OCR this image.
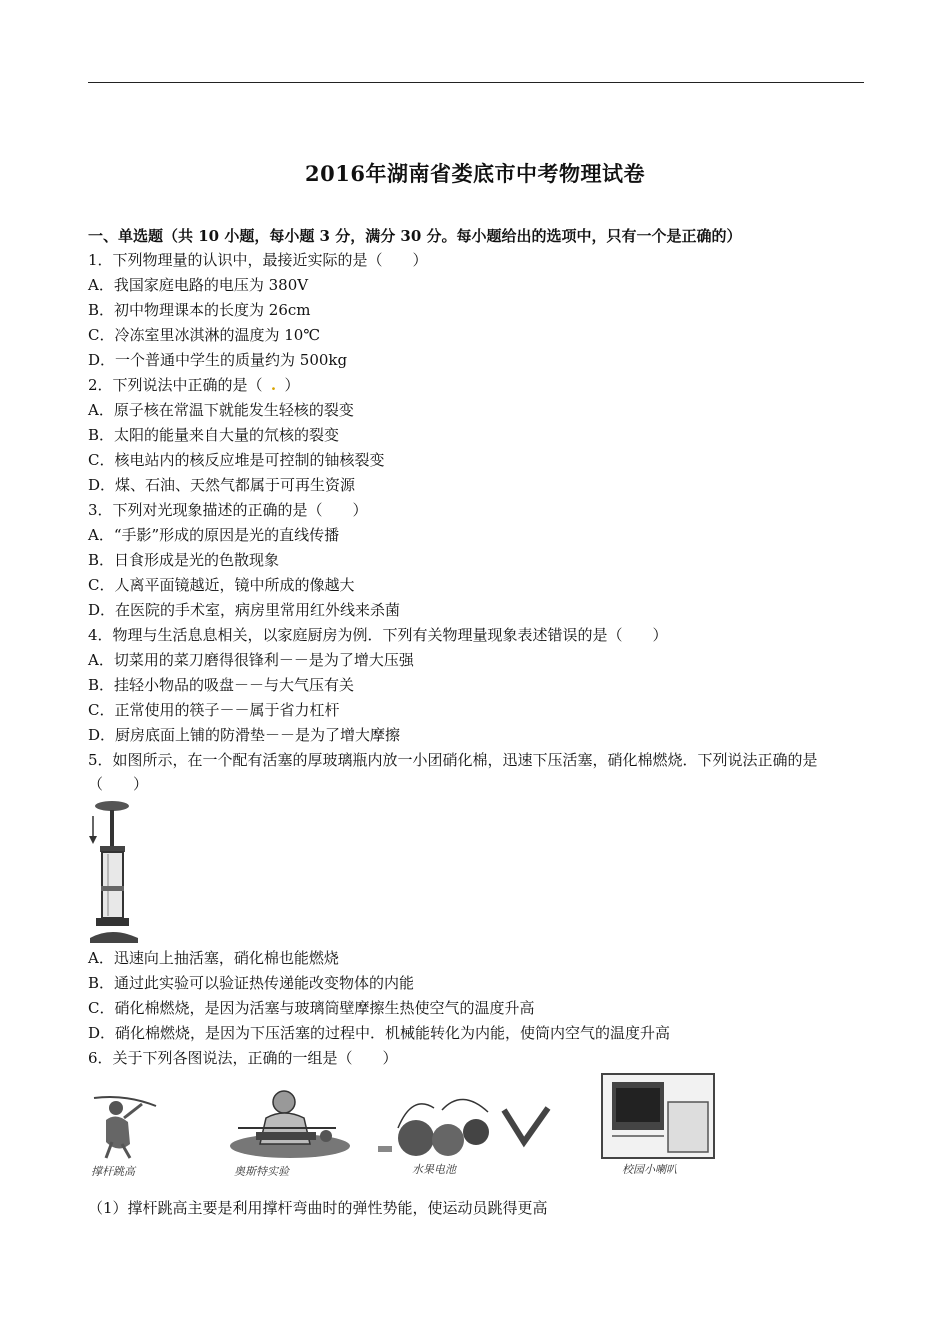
2016年湖南省娄底市中考物理试卷
一、单选题（共 10 小题，每小题 3 分，满分 30 分。每小题给出的选项中，只有一个是正确的）
1．下列物理量的认识中，最接近实际的是（　　）
A．我国家庭电路的电压为 380V
B．初中物理课本的长度为 26cm
C．冷冻室里冰淇淋的温度为 10℃
D．一个普通中学生的质量约为 500kg
2．下列说法中正确的是（ . ）
A．原子核在常温下就能发生轻核的裂变
B．太阳的能量来自大量的氘核的裂变
C．核电站内的核反应堆是可控制的铀核裂变
D．煤、石油、天然气都属于可再生资源
3．下列对光现象描述的正确的是（　　）
A．“手影”形成的原因是光的直线传播
B．日食形成是光的色散现象
C．人离平面镜越近，镜中所成的像越大
D．在医院的手术室，病房里常用红外线来杀菌
4．物理与生活息息相关，以家庭厨房为例．下列有关物理量现象表述错误的是（　　）
A．切菜用的菜刀磨得很锋利－－是为了增大压强
B．挂轻小物品的吸盘－－与大气压有关
C．正常使用的筷子－－属于省力杠杆
D．厨房底面上铺的防滑垫－－是为了增大摩擦
5．如图所示，在一个配有活塞的厚玻璃瓶内放一小团硝化棉，迅速下压活塞，硝化棉燃烧．下列说法正确的是
（　　）
A．迅速向上抽活塞，硝化棉也能燃烧
B．通过此实验可以验证热传递能改变物体的内能
C．硝化棉燃烧，是因为活塞与玻璃筒壁摩擦生热使空气的温度升高
D．硝化棉燃烧，是因为下压活塞的过程中．机械能转化为内能，使筒内空气的温度升高
6．关于下列各图说法，正确的一组是（　　）
撑杆跳高	奥斯特实验	水果电池	校园小喇叭
（1）撑杆跳高主要是利用撑杆弯曲时的弹性势能，使运动员跳得更高
